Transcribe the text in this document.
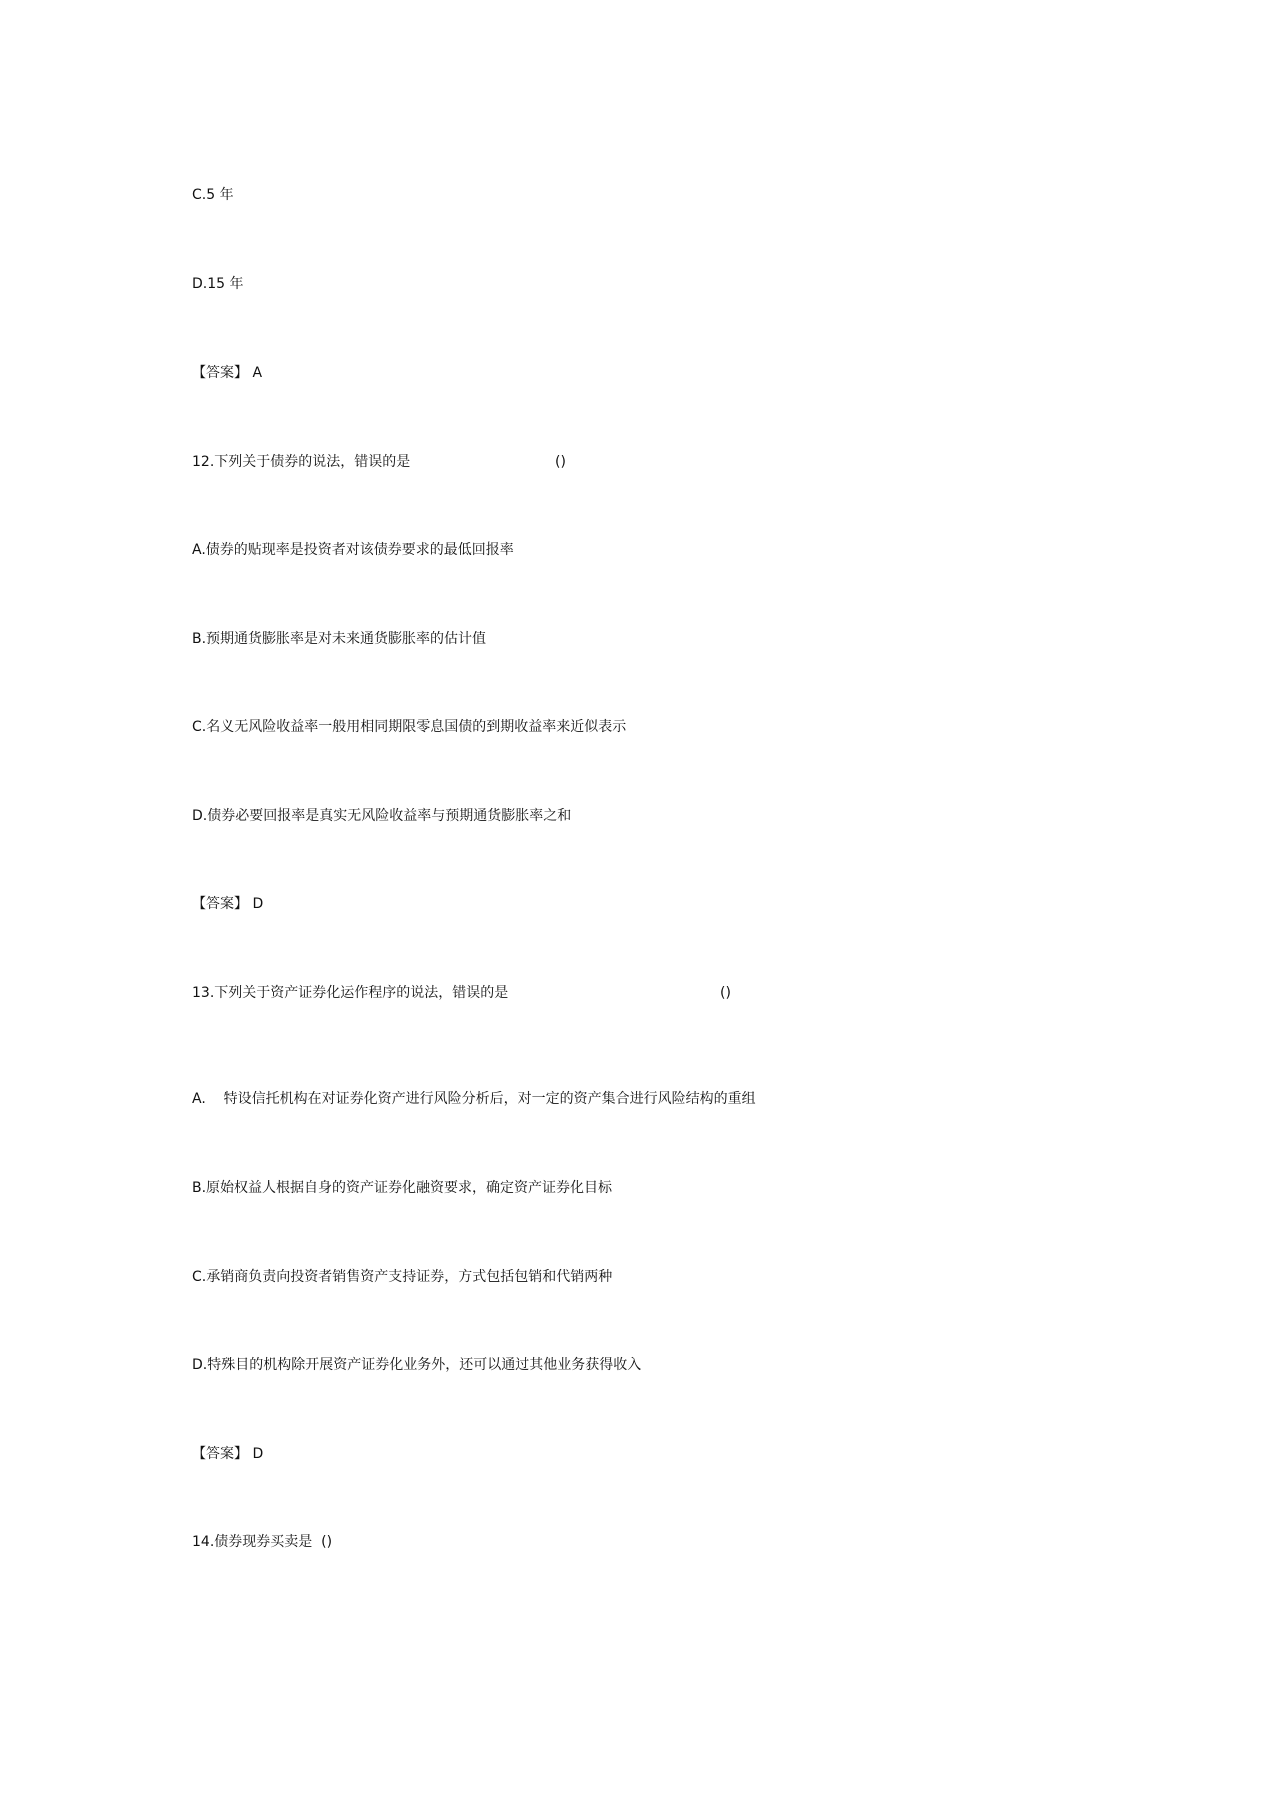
C.5 年
D.15 年
【答案】 A
12.下列关于债券的说法，错误的是	()
A.债券的贴现率是投资者对该债券要求的最低回报率
B.预期通货膨胀率是对未来通货膨胀率的估计值
C.名义无风险收益率一般用相同期限零息国债的到期收益率来近似表示
D.债券必要回报率是真实无风险收益率与预期通货膨胀率之和
【答案】 D
13.下列关于资产证券化运作程序的说法，错误的是	()
A.    特设信托机构在对证券化资产进行风险分析后，对一定的资产集合进行风险结构的重组
B.原始权益人根据自身的资产证券化融资要求，确定资产证券化目标
C.承销商负责向投资者销售资产支持证券，方式包括包销和代销两种
D.特殊目的机构除开展资产证券化业务外，还可以通过其他业务获得收入
【答案】 D
14.债券现券买卖是  ()
